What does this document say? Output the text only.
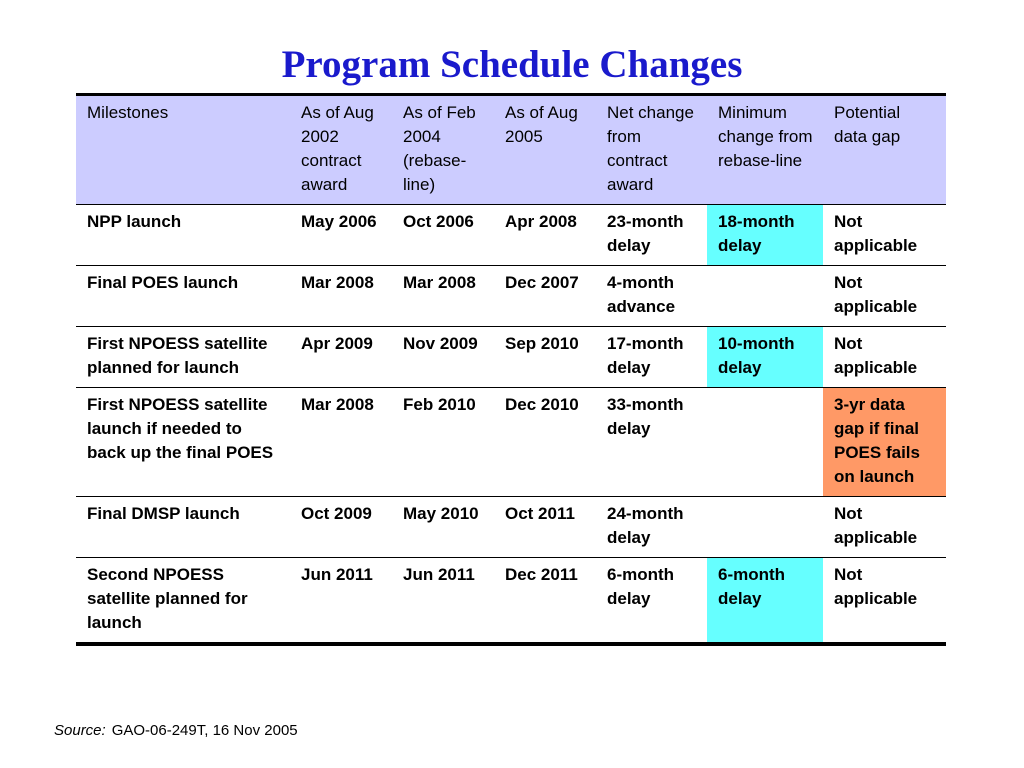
Program Schedule Changes
Milestones	As of Aug 2002 contract award	As of Feb 2004 (rebase-line)	As of Aug 2005	Net change from contract award	Minimum change from rebase-line	Potential data gap
NPP launch	May 2006	Oct 2006	Apr 2008	23-month delay	18-month delay	Not applicable
Final POES launch	Mar 2008	Mar 2008	Dec 2007	4-month advance		Not applicable
First NPOESS satellite planned for launch	Apr 2009	Nov 2009	Sep 2010	17-month delay	10-month delay	Not applicable
First NPOESS satellite launch if needed to back up the final POES	Mar 2008	Feb 2010	Dec 2010	33-month delay		3-yr data gap if final POES fails on launch
Final DMSP launch	Oct 2009	May 2010	Oct 2011	24-month delay		Not applicable
Second NPOESS satellite planned for launch	Jun 2011	Jun 2011	Dec 2011	6-month delay	6-month delay	Not applicable
Source: GAO-06-249T, 16 Nov 2005
